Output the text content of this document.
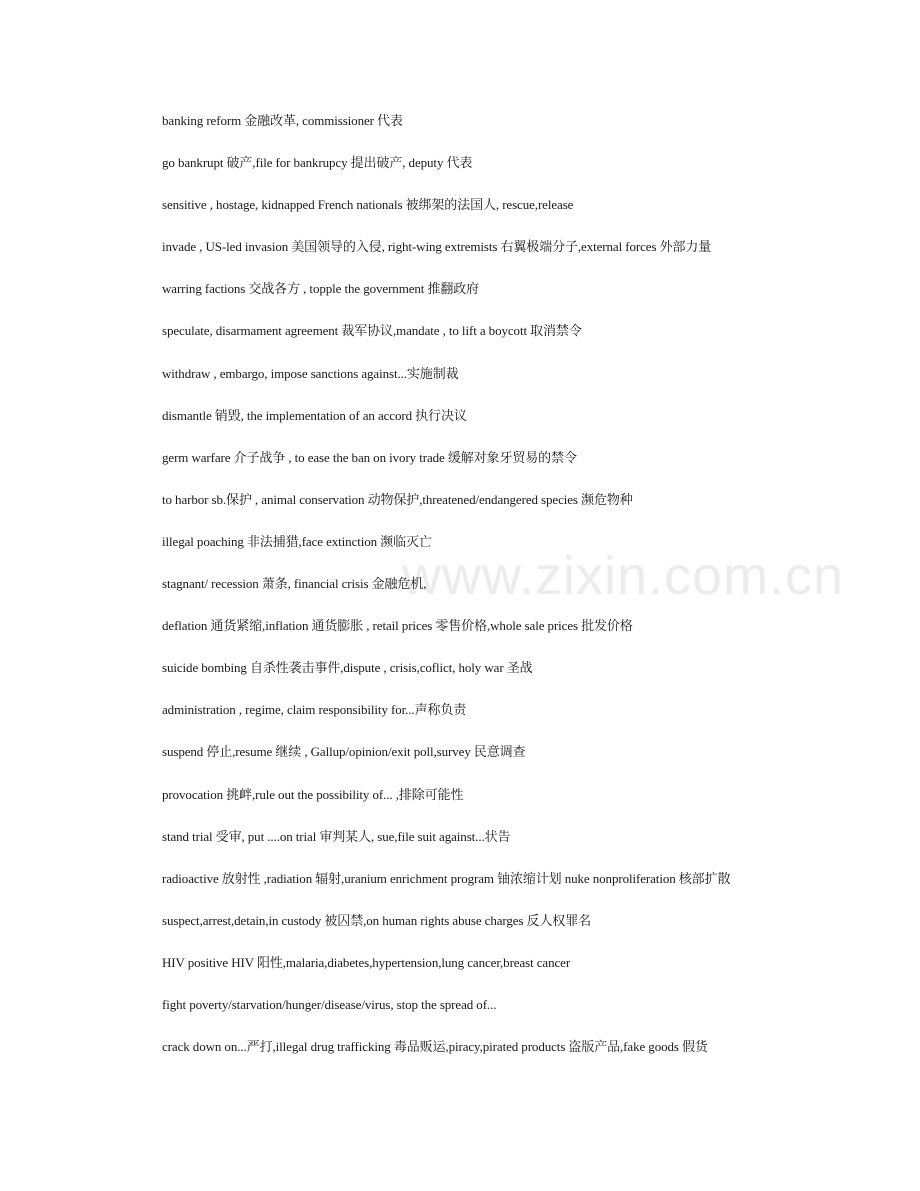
www.zixin.com.cn
banking reform 金融改革, commissioner 代表
go bankrupt 破产,file for bankrupcy 提出破产, deputy 代表
sensitive , hostage, kidnapped French nationals 被绑架的法国人, rescue,release
invade , US-led invasion 美国领导的入侵, right-wing extremists 右翼极端分子,external forces 外部力量
warring factions 交战各方 , topple the government 推翻政府
speculate, disarmament agreement 裁军协议,mandate , to lift a boycott 取消禁令
withdraw , embargo, impose sanctions against...实施制裁
dismantle 销毁, the implementation of an accord 执行决议
germ warfare 介子战争 , to ease the ban on ivory trade 缓解对象牙贸易的禁令
to harbor sb.保护 , animal conservation 动物保护,threatened/endangered species 濒危物种
illegal poaching 非法捕猎,face extinction 濒临灭亡
stagnant/ recession 萧条, financial crisis 金融危机,
deflation 通货紧缩,inflation 通货膨胀 , retail prices 零售价格,whole sale prices 批发价格
suicide bombing 自杀性袭击事件,dispute , crisis,coflict, holy war 圣战
administration , regime, claim responsibility for...声称负责
suspend 停止,resume 继续 , Gallup/opinion/exit poll,survey 民意调查
provocation 挑衅,rule out the possibility of... ,排除可能性
stand trial 受审, put ....on trial 审判某人, sue,file suit against...状告
radioactive 放射性 ,radiation 辐射,uranium enrichment program 铀浓缩计划 nuke nonproliferation 核部扩散
suspect,arrest,detain,in custody 被囚禁,on human rights abuse charges 反人权罪名
HIV positive HIV 阳性,malaria,diabetes,hypertension,lung cancer,breast cancer
fight poverty/starvation/hunger/disease/virus, stop the spread of...
crack down on...严打,illegal drug trafficking 毒品贩运,piracy,pirated products 盗版产品,fake goods 假货
